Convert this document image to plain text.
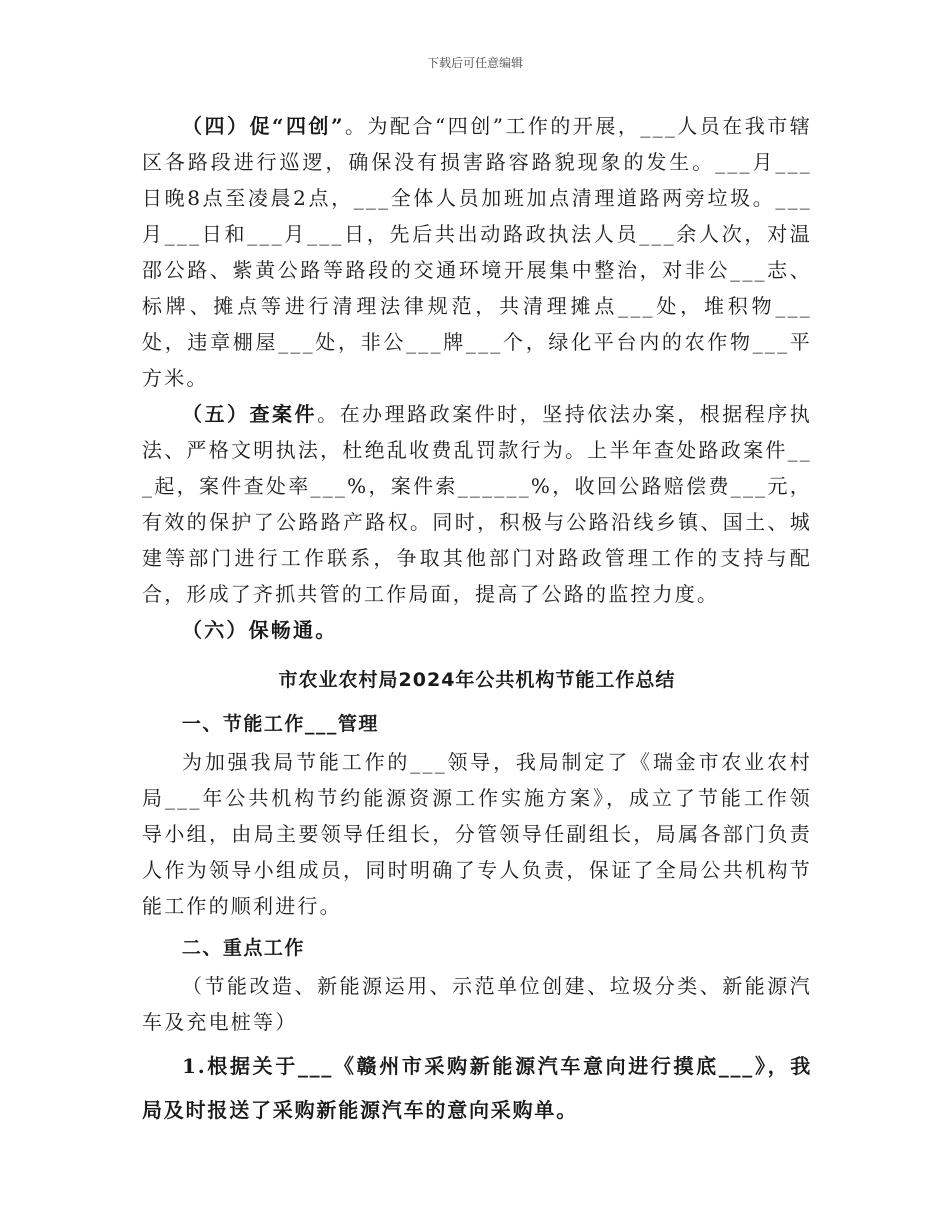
下载后可任意编辑

（四）促“四创”。为配合“四创”工作的开展，___人员在我市辖区各路段进行巡逻，确保没有损害路容路貌现象的发生。___月___日晚8点至凌晨2点，___全体人员加班加点清理道路两旁垃圾。___月___日和___月___日，先后共出动路政执法人员___余人次，对温邵公路、紫黄公路等路段的交通环境开展集中整治，对非公___志、标牌、摊点等进行清理法律规范，共清理摊点___处，堆积物___处，违章棚屋___处，非公___牌___个，绿化平台内的农作物___平方米。

（五）查案件。在办理路政案件时，坚持依法办案，根据程序执法、严格文明执法，杜绝乱收费乱罚款行为。上半年查处路政案件___起，案件查处率___%，案件索______%，收回公路赔偿费___元，有效的保护了公路路产路权。同时，积极与公路沿线乡镇、国土、城建等部门进行工作联系，争取其他部门对路政管理工作的支持与配合，形成了齐抓共管的工作局面，提高了公路的监控力度。

（六）保畅通。

市农业农村局2024年公共机构节能工作总结

一、节能工作___管理

为加强我局节能工作的___领导，我局制定了《瑞金市农业农村局___年公共机构节约能源资源工作实施方案》，成立了节能工作领导小组，由局主要领导任组长，分管领导任副组长，局属各部门负责人作为领导小组成员，同时明确了专人负责，保证了全局公共机构节能工作的顺利进行。

二、重点工作

（节能改造、新能源运用、示范单位创建、垃圾分类、新能源汽车及充电桩等）

1.根据关于___《赣州市采购新能源汽车意向进行摸底___》，我局及时报送了采购新能源汽车的意向采购单。
